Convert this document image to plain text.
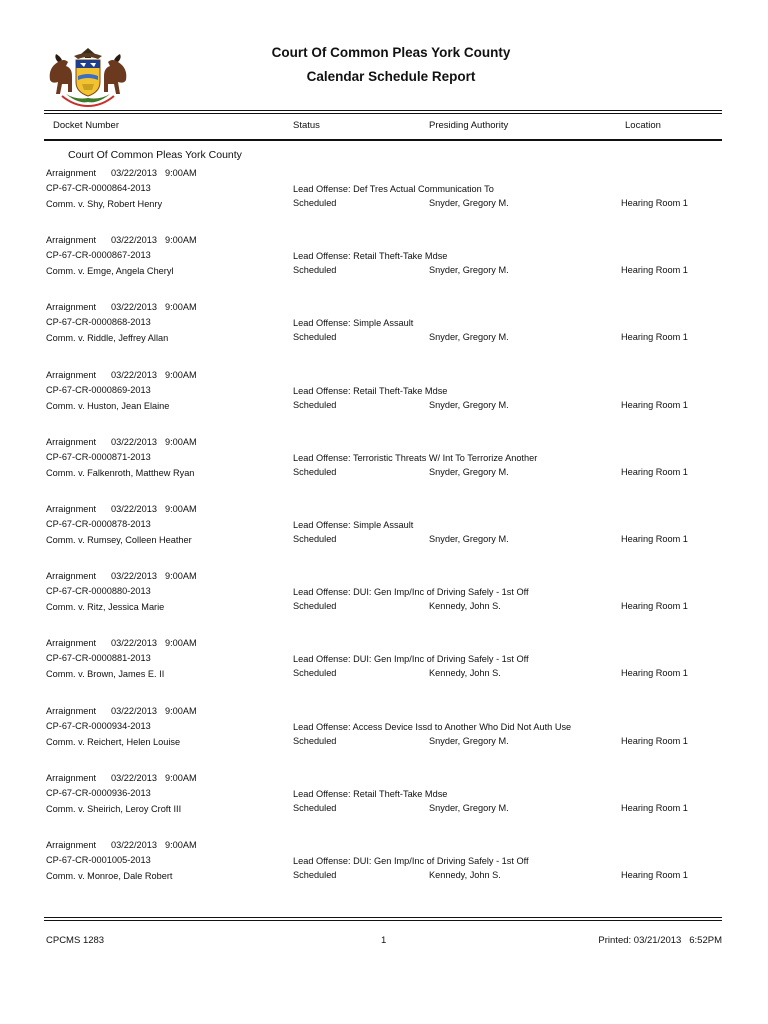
Court Of Common Pleas York County
Calendar Schedule Report
Docket Number	Status	Presiding Authority	Location
Court Of Common Pleas York County
Arraignment 03/22/2013 9:00AM
CP-67-CR-0000864-2013
Comm. v. Shy, Robert Henry
Lead Offense: Def Tres Actual Communication To
Scheduled	Snyder, Gregory M.	Hearing Room 1
Arraignment 03/22/2013 9:00AM
CP-67-CR-0000867-2013
Comm. v. Emge, Angela Cheryl
Lead Offense: Retail Theft-Take Mdse
Scheduled	Snyder, Gregory M.	Hearing Room 1
Arraignment 03/22/2013 9:00AM
CP-67-CR-0000868-2013
Comm. v. Riddle, Jeffrey Allan
Lead Offense: Simple Assault
Scheduled	Snyder, Gregory M.	Hearing Room 1
Arraignment 03/22/2013 9:00AM
CP-67-CR-0000869-2013
Comm. v. Huston, Jean Elaine
Lead Offense: Retail Theft-Take Mdse
Scheduled	Snyder, Gregory M.	Hearing Room 1
Arraignment 03/22/2013 9:00AM
CP-67-CR-0000871-2013
Comm. v. Falkenroth, Matthew Ryan
Lead Offense: Terroristic Threats W/ Int To Terrorize Another
Scheduled	Snyder, Gregory M.	Hearing Room 1
Arraignment 03/22/2013 9:00AM
CP-67-CR-0000878-2013
Comm. v. Rumsey, Colleen Heather
Lead Offense: Simple Assault
Scheduled	Snyder, Gregory M.	Hearing Room 1
Arraignment 03/22/2013 9:00AM
CP-67-CR-0000880-2013
Comm. v. Ritz, Jessica Marie
Lead Offense: DUI: Gen Imp/Inc of Driving Safely - 1st Off
Scheduled	Kennedy, John S.	Hearing Room 1
Arraignment 03/22/2013 9:00AM
CP-67-CR-0000881-2013
Comm. v. Brown, James E. II
Lead Offense: DUI: Gen Imp/Inc of Driving Safely - 1st Off
Scheduled	Kennedy, John S.	Hearing Room 1
Arraignment 03/22/2013 9:00AM
CP-67-CR-0000934-2013
Comm. v. Reichert, Helen Louise
Lead Offense: Access Device Issd to Another Who Did Not Auth Use
Scheduled	Snyder, Gregory M.	Hearing Room 1
Arraignment 03/22/2013 9:00AM
CP-67-CR-0000936-2013
Comm. v. Sheirich, Leroy Croft III
Lead Offense: Retail Theft-Take Mdse
Scheduled	Snyder, Gregory M.	Hearing Room 1
Arraignment 03/22/2013 9:00AM
CP-67-CR-0001005-2013
Comm. v. Monroe, Dale Robert
Lead Offense: DUI: Gen Imp/Inc of Driving Safely - 1st Off
Scheduled	Kennedy, John S.	Hearing Room 1
CPCMS 1283	1	Printed: 03/21/2013   6:52PM
